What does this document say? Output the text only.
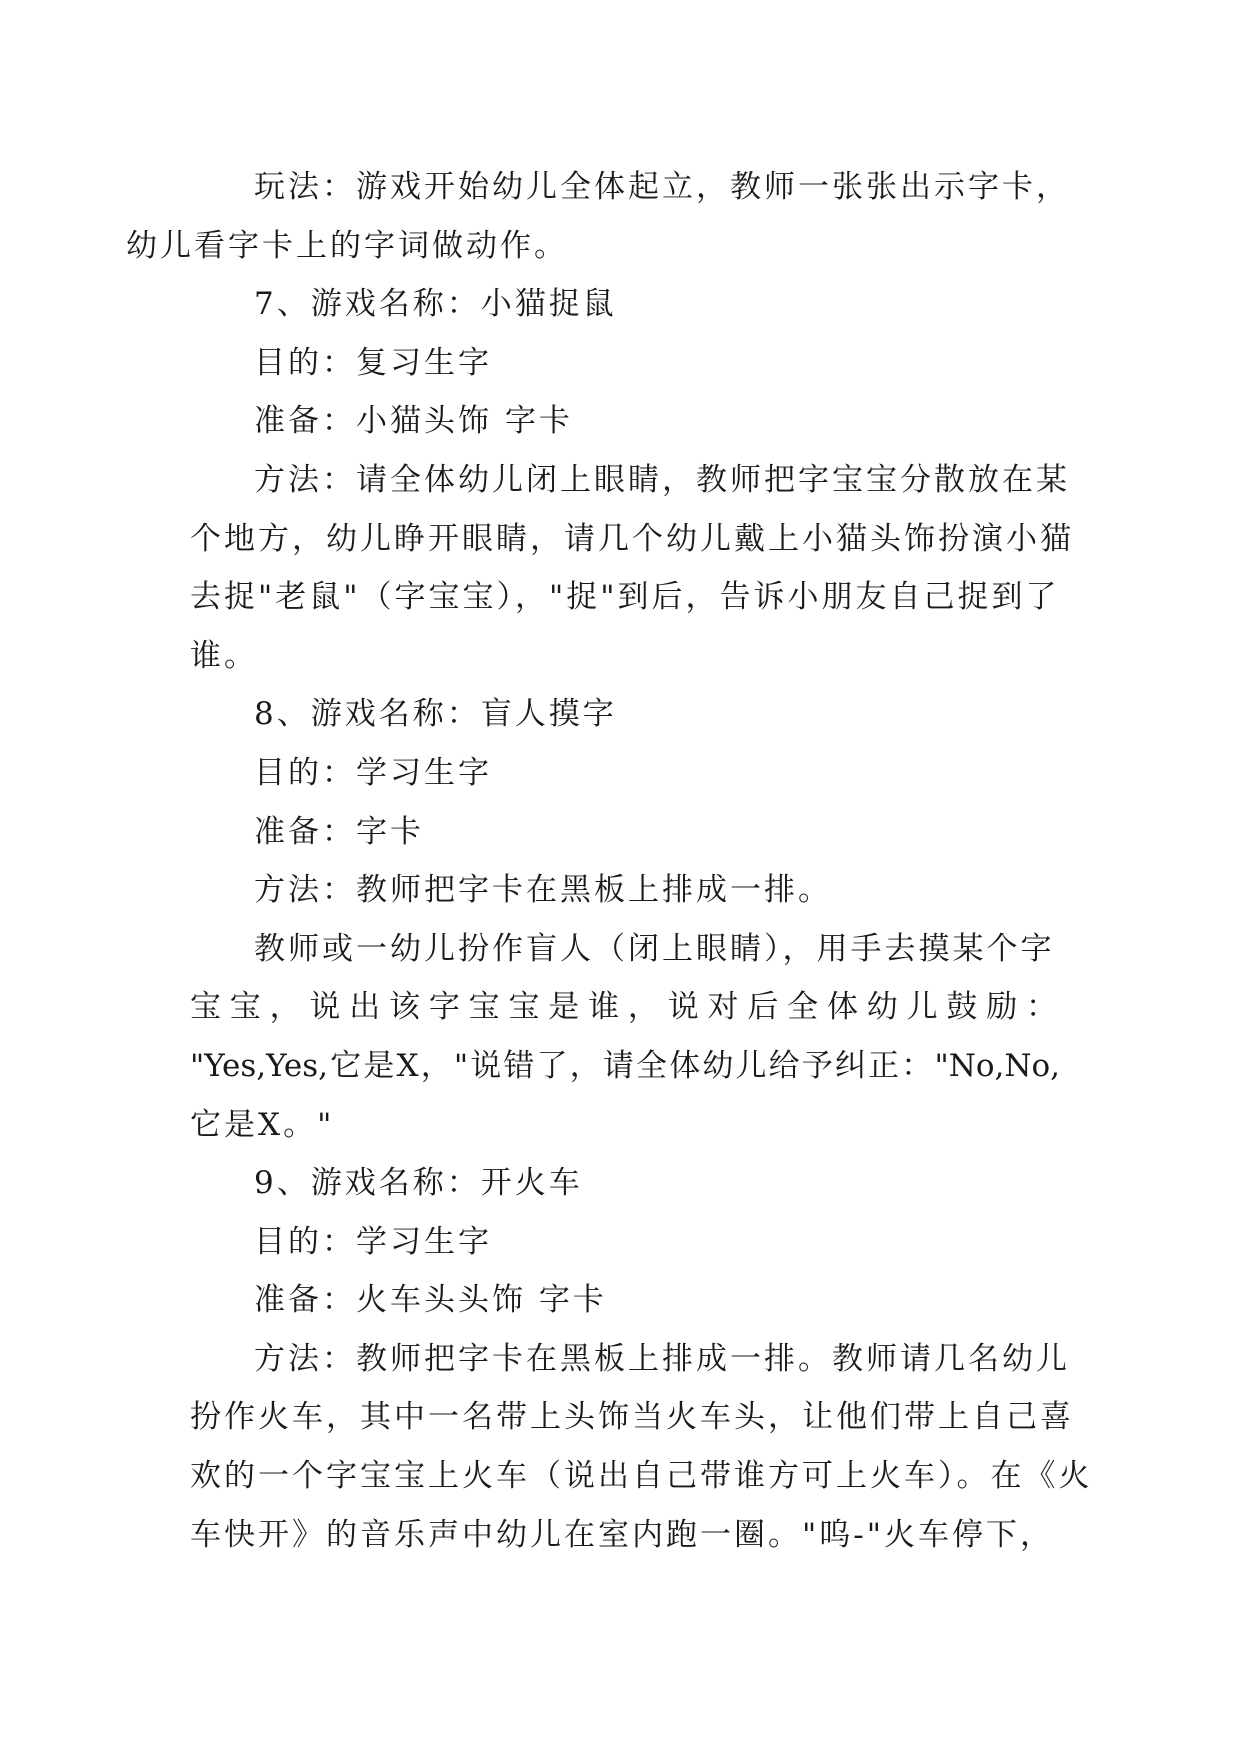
玩法：游戏开始幼儿全体起立，教师一张张出示字卡，
幼儿看字卡上的字词做动作。

7、游戏名称：小猫捉鼠

目的：复习生字

准备：小猫头饰 字卡

方法：请全体幼儿闭上眼睛，教师把字宝宝分散放在某
个地方，幼儿睁开眼睛，请几个幼儿戴上小猫头饰扮演小猫
去捉"老鼠"（字宝宝），"捉"到后，告诉小朋友自己捉到了
谁。

8、游戏名称：盲人摸字

目的：学习生字

准备：字卡

方法：教师把字卡在黑板上排成一排。

教师或一幼儿扮作盲人（闭上眼睛），用手去摸某个字
宝宝，说出该字宝宝是谁，说对后全体幼儿鼓励：
"Yes,Yes,它是X，"说错了，请全体幼儿给予纠正："No,No,
它是X。"

9、游戏名称：开火车

目的：学习生字

准备：火车头头饰 字卡

方法：教师把字卡在黑板上排成一排。教师请几名幼儿
扮作火车，其中一名带上头饰当火车头，让他们带上自己喜
欢的一个字宝宝上火车（说出自己带谁方可上火车）。在《火
车快开》的音乐声中幼儿在室内跑一圈。"呜-"火车停下，
